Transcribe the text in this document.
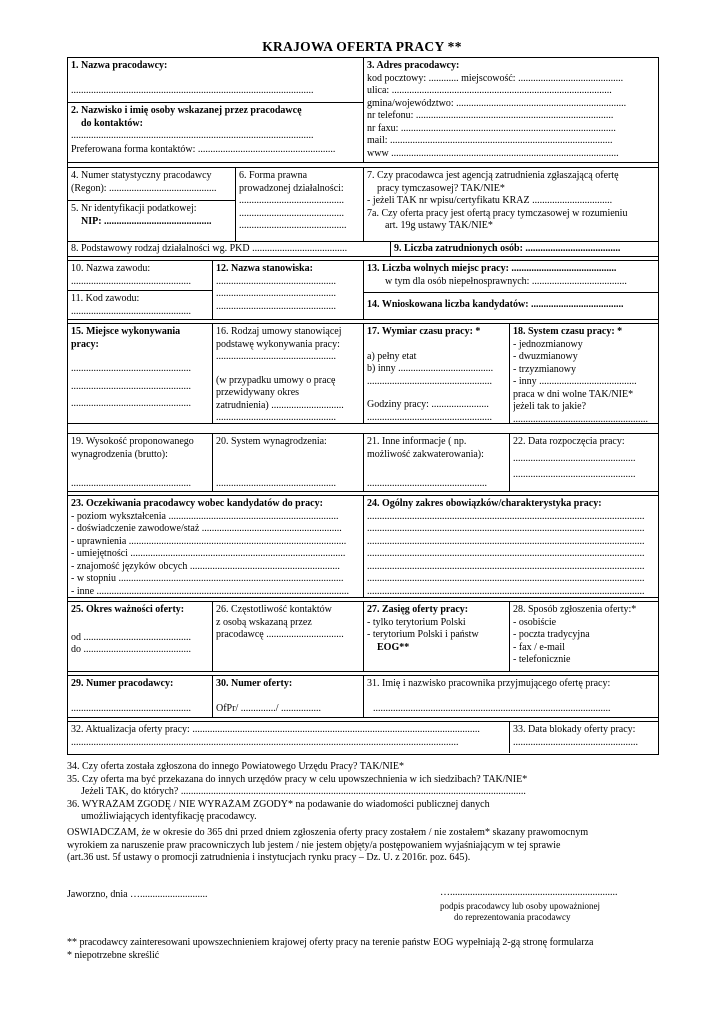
KRAJOWA OFERTA PRACY **
1. Nazwa pracodawcy:
.................................................................................................
2. Nazwisko i imię osoby wskazanej przez pracodawcę
do kontaktów:
.................................................................................................
Preferowana forma kontaktów: .......................................................
3. Adres pracodawcy:
kod pocztowy: ............ miejscowość: ..........................................
ulica: ........................................................................................
gmina/województwo: ....................................................................
nr telefonu: ...............................................................................
nr faxu: ......................................................................................
mail: .........................................................................................
www ...........................................................................................
4. Numer statystyczny pracodawcy
(Regon): ...........................................
5. Nr identyfikacji podatkowej:
NIP: ...........................................
6. Forma prawna
prowadzonej działalności:
..........................................
..........................................
...........................................
7. Czy pracodawca jest agencją zatrudnienia zgłaszającą ofertę
pracy tymczasowej? TAK/NIE*
- jeżeli TAK nr wpisu/certyfikatu KRAZ ................................
7a. Czy oferta pracy jest ofertą pracy tymczasowej w rozumieniu
art. 19g ustawy TAK/NIE*
8. Podstawowy rodzaj działalności wg. PKD ......................................	9. Liczba zatrudnionych osób: ......................................
10. Nazwa zawodu:
................................................
11. Kod zawodu:
................................................
12. Nazwa stanowiska:
................................................
................................................
................................................
13. Liczba wolnych miejsc pracy: ..........................................
w tym dla osób niepełnosprawnych: ......................................
14. Wnioskowana liczba kandydatów: .....................................
15. Miejsce wykonywania
pracy:
................................................
................................................
................................................
16. Rodzaj umowy stanowiącej
podstawę wykonywania pracy:
................................................
(w przypadku umowy o pracę
przewidywany okres
zatrudnienia) .............................
................................................
17. Wymiar czasu pracy: *
a) pełny etat
b) inny ......................................
..................................................
Godziny pracy: .......................
..................................................
18. System czasu pracy: *
- jednozmianowy
- dwuzmianowy
- trzyzmianowy
- inny .......................................
praca w dni wolne TAK/NIE*
jeżeli tak to jakie?
......................................................
19. Wysokość proponowanego
wynagrodzenia (brutto):
................................................
20. System wynagrodzenia:
................................................
21. Inne informacje ( np.
możliwość zakwaterowania):
................................................
22. Data rozpoczęcia pracy:
.................................................
.................................................
23. Oczekiwania pracodawcy wobec kandydatów do pracy:
- poziom wykształcenia ....................................................................
- doświadczenie zawodowe/staż ........................................................
- uprawnienia .......................................................................................
- umiejętności ......................................................................................
- znajomość języków obcych ............................................................
- w stopniu ..........................................................................................
- inne .....................................................................................................
24. Ogólny zakres obowiązków/charakterystyka pracy:
...............................................................................................................
...............................................................................................................
...............................................................................................................
...............................................................................................................
...............................................................................................................
...............................................................................................................
...............................................................................................................
25. Okres ważności oferty:
od ...........................................
do ...........................................
26. Częstotliwość kontaktów
z osobą wskazaną przez
pracodawcę ...............................
27. Zasięg oferty pracy:
- tylko terytorium Polski
- terytorium Polski i państw
EOG**
28. Sposób zgłoszenia oferty:*
- osobiście
- poczta tradycyjna
- fax / e-mail
- telefonicznie
29. Numer pracodawcy:
................................................
30. Numer oferty:
OfPr/ ............../ ................
31. Imię i nazwisko pracownika przyjmującego ofertę pracy:
...............................................................................................
32. Aktualizacja oferty pracy: ...................................................................................................................
...........................................................................................................................................................
33. Data blokady oferty pracy:
..................................................
34. Czy oferta została zgłoszona do innego Powiatowego Urzędu Pracy? TAK/NIE*
35. Czy oferta ma być przekazana do innych urzędów pracy w celu upowszechnienia w ich siedzibach? TAK/NIE*
Jeżeli TAK, do których? ..........................................................................................................................................
36. WYRAŻAM ZGODĘ / NIE WYRAŻAM ZGODY* na podawanie do wiadomości publicznej danych
umożliwiających identyfikację pracodawcy.
OŚWIADCZAM, że w okresie do 365 dni przed dniem zgłoszenia oferty pracy zostałem / nie zostałem* skazany prawomocnym
wyrokiem za naruszenie praw pracowniczych lub jestem / nie jestem objęty/a postępowaniem wyjaśniającym w tej sprawie
(art.36 ust. 5f ustawy o promocji zatrudnienia i instytucjach rynku pracy – Dz. U. z 2016r. poz. 645).
Jaworzno, dnia …...........................	…...................................................................
podpis pracodawcy lub osoby upoważnionej
do reprezentowania pracodawcy
** pracodawcy zainteresowani upowszechnieniem krajowej oferty pracy na terenie państw EOG wypełniają 2-gą stronę formularza
* niepotrzebne skreślić
